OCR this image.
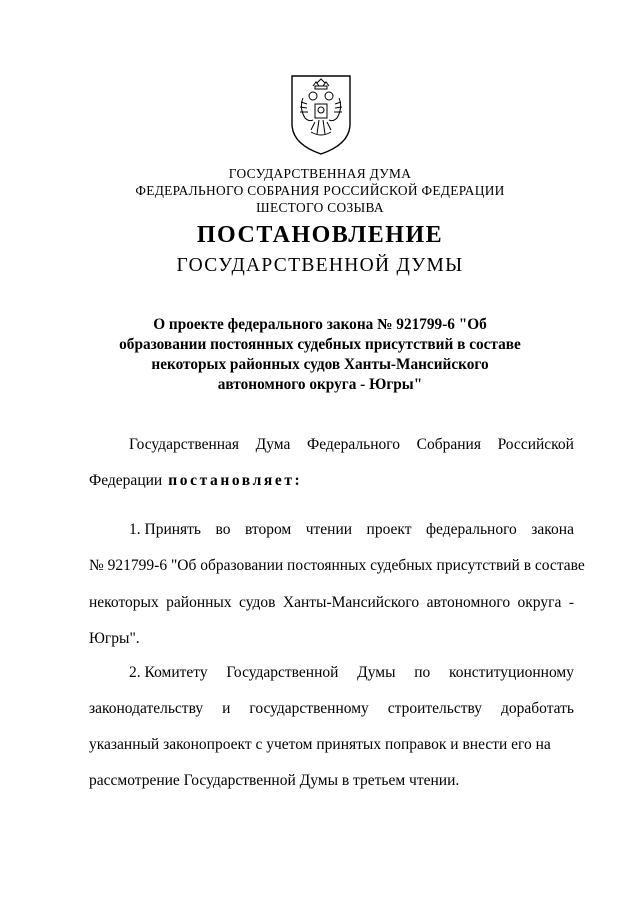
ГОСУДАРСТВЕННАЯ ДУМА
ФЕДЕРАЛЬНОГО СОБРАНИЯ РОССИЙСКОЙ ФЕДЕРАЦИИ
ШЕСТОГО СОЗЫВА
ПОСТАНОВЛЕНИЕ
ГОСУДАРСТВЕННОЙ ДУМЫ
О проекте федерального закона № 921799-6 "Об
образовании постоянных судебных присутствий в составе
некоторых районных судов Ханты-Мансийского
автономного округа - Югры"
Государственная Дума Федерального Собрания Российской
Федерации постановляет:
1. Принять во втором чтении проект федерального закона
№ 921799-6 "Об образовании постоянных судебных присутствий в составе
некоторых районных судов Ханты-Мансийского автономного округа -
Югры".
2. Комитету Государственной Думы по конституционному
законодательству и государственному строительству доработать
указанный законопроект с учетом принятых поправок и внести его на
рассмотрение Государственной Думы в третьем чтении.
